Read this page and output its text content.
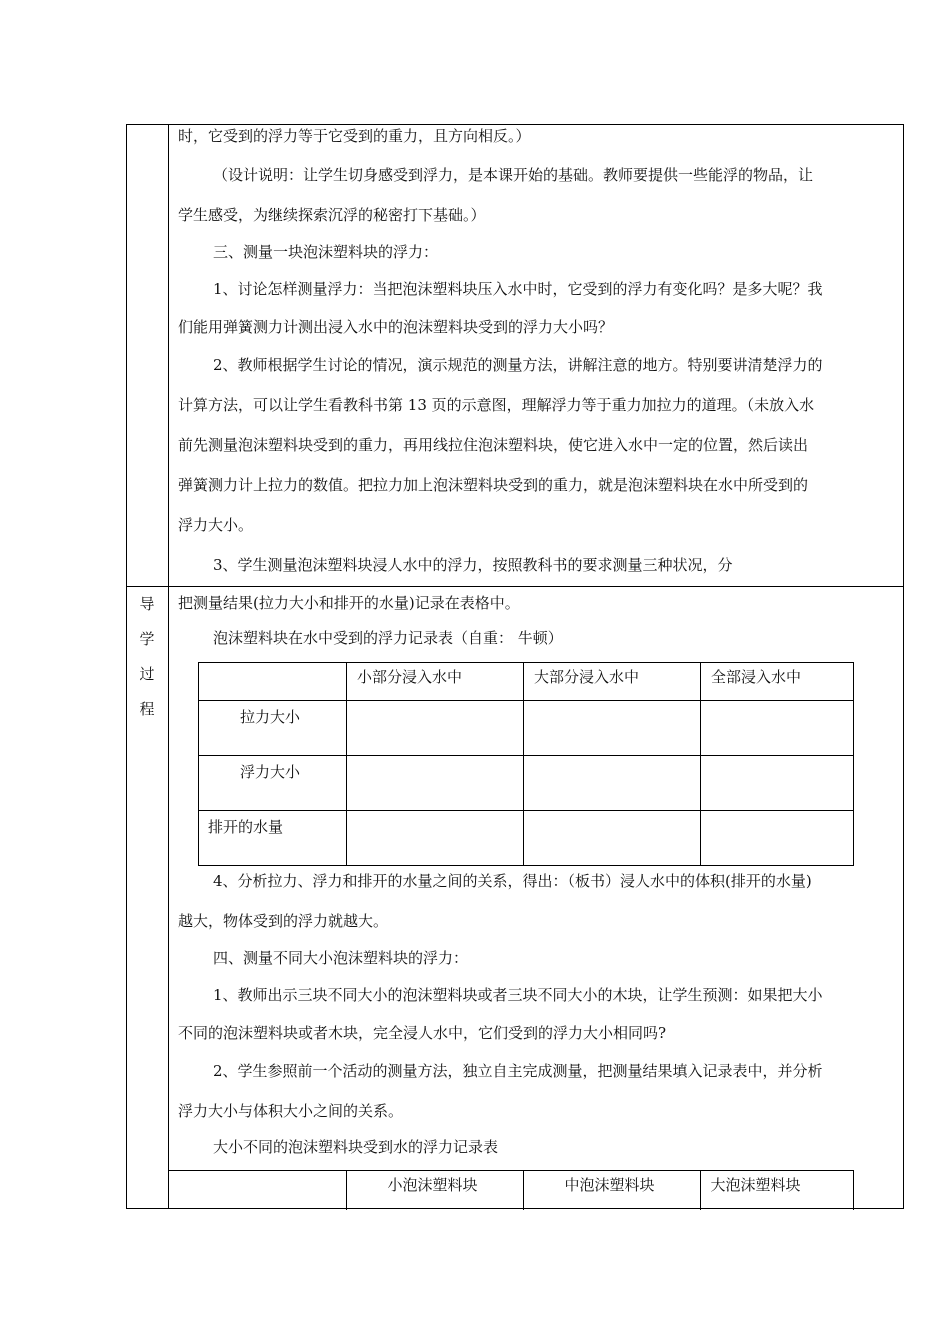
导
学
过
程
时，它受到的浮力等于它受到的重力，且方向相反。）
（设计说明：让学生切身感受到浮力，是本课开始的基础。教师要提供一些能浮的物品，让
学生感受，为继续探索沉浮的秘密打下基础。）
三、测量一块泡沫塑料块的浮力：
1、讨论怎样测量浮力：当把泡沫塑料块压入水中时，它受到的浮力有变化吗？是多大呢？我
们能用弹簧测力计测出浸入水中的泡沫塑料块受到的浮力大小吗？
2、教师根据学生讨论的情况，演示规范的测量方法，讲解注意的地方。特别要讲清楚浮力的
计算方法，可以让学生看教科书第 13 页的示意图，理解浮力等于重力加拉力的道理。（未放入水
前先测量泡沫塑料块受到的重力，再用线拉住泡沫塑料块，使它进入水中一定的位置，然后读出
弹簧测力计上拉力的数值。把拉力加上泡沫塑料块受到的重力，就是泡沫塑料块在水中所受到的
浮力大小。
3、学生测量泡沫塑料块浸人水中的浮力，按照教科书的要求测量三种状况，分
把测量结果(拉力大小和排开的水量)记录在表格中。
泡沫塑料块在水中受到的浮力记录表（自重： 牛顿）

	小部分浸入水中	大部分浸入水中	全部浸入水中

拉力大小			

浮力大小			

排开的水量			

4、分析拉力、浮力和排开的水量之间的关系，得出：（板书）浸人水中的体积(排开的水量)
越大，物体受到的浮力就越大。
四、测量不同大小泡沫塑料块的浮力：
1、教师出示三块不同大小的泡沫塑料块或者三块不同大小的木块，让学生预测：如果把大小
不同的泡沫塑料块或者木块，完全浸人水中，它们受到的浮力大小相同吗?
2、学生参照前一个活动的测量方法，独立自主完成测量，把测量结果填入记录表中，并分析
浮力大小与体积大小之间的关系。
大小不同的泡沫塑料块受到水的浮力记录表

小泡沫塑料块	中泡沫塑料块	大泡沫塑料块
